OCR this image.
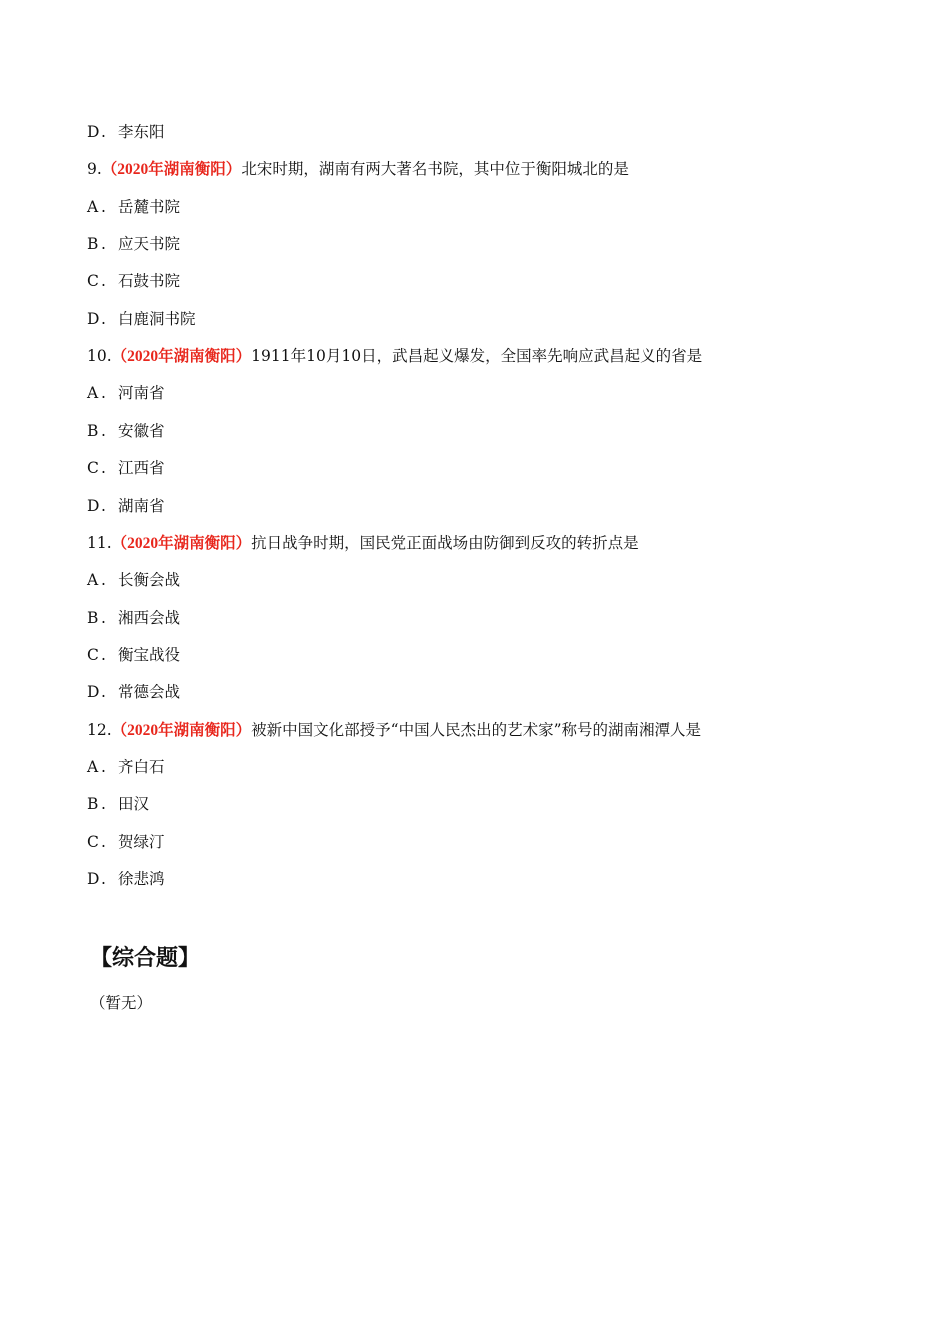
D . 李东阳
9.（2020年湖南衡阳）北宋时期，湖南有两大著名书院，其中位于衡阳城北的是
A . 岳麓书院
B . 应天书院
C . 石鼓书院
D . 白鹿洞书院
10.（2020年湖南衡阳）1911年10月10日，武昌起义爆发，全国率先响应武昌起义的省是
A . 河南省
B . 安徽省
C . 江西省
D . 湖南省
11.（2020年湖南衡阳）抗日战争时期，国民党正面战场由防御到反攻的转折点是
A . 长衡会战
B . 湘西会战
C . 衡宝战役
D . 常德会战
12.（2020年湖南衡阳）被新中国文化部授予“中国人民杰出的艺术家”称号的湖南湘潭人是
A . 齐白石
B . 田汉
C . 贺绿汀
D . 徐悲鸿
【综合题】
（暂无）
